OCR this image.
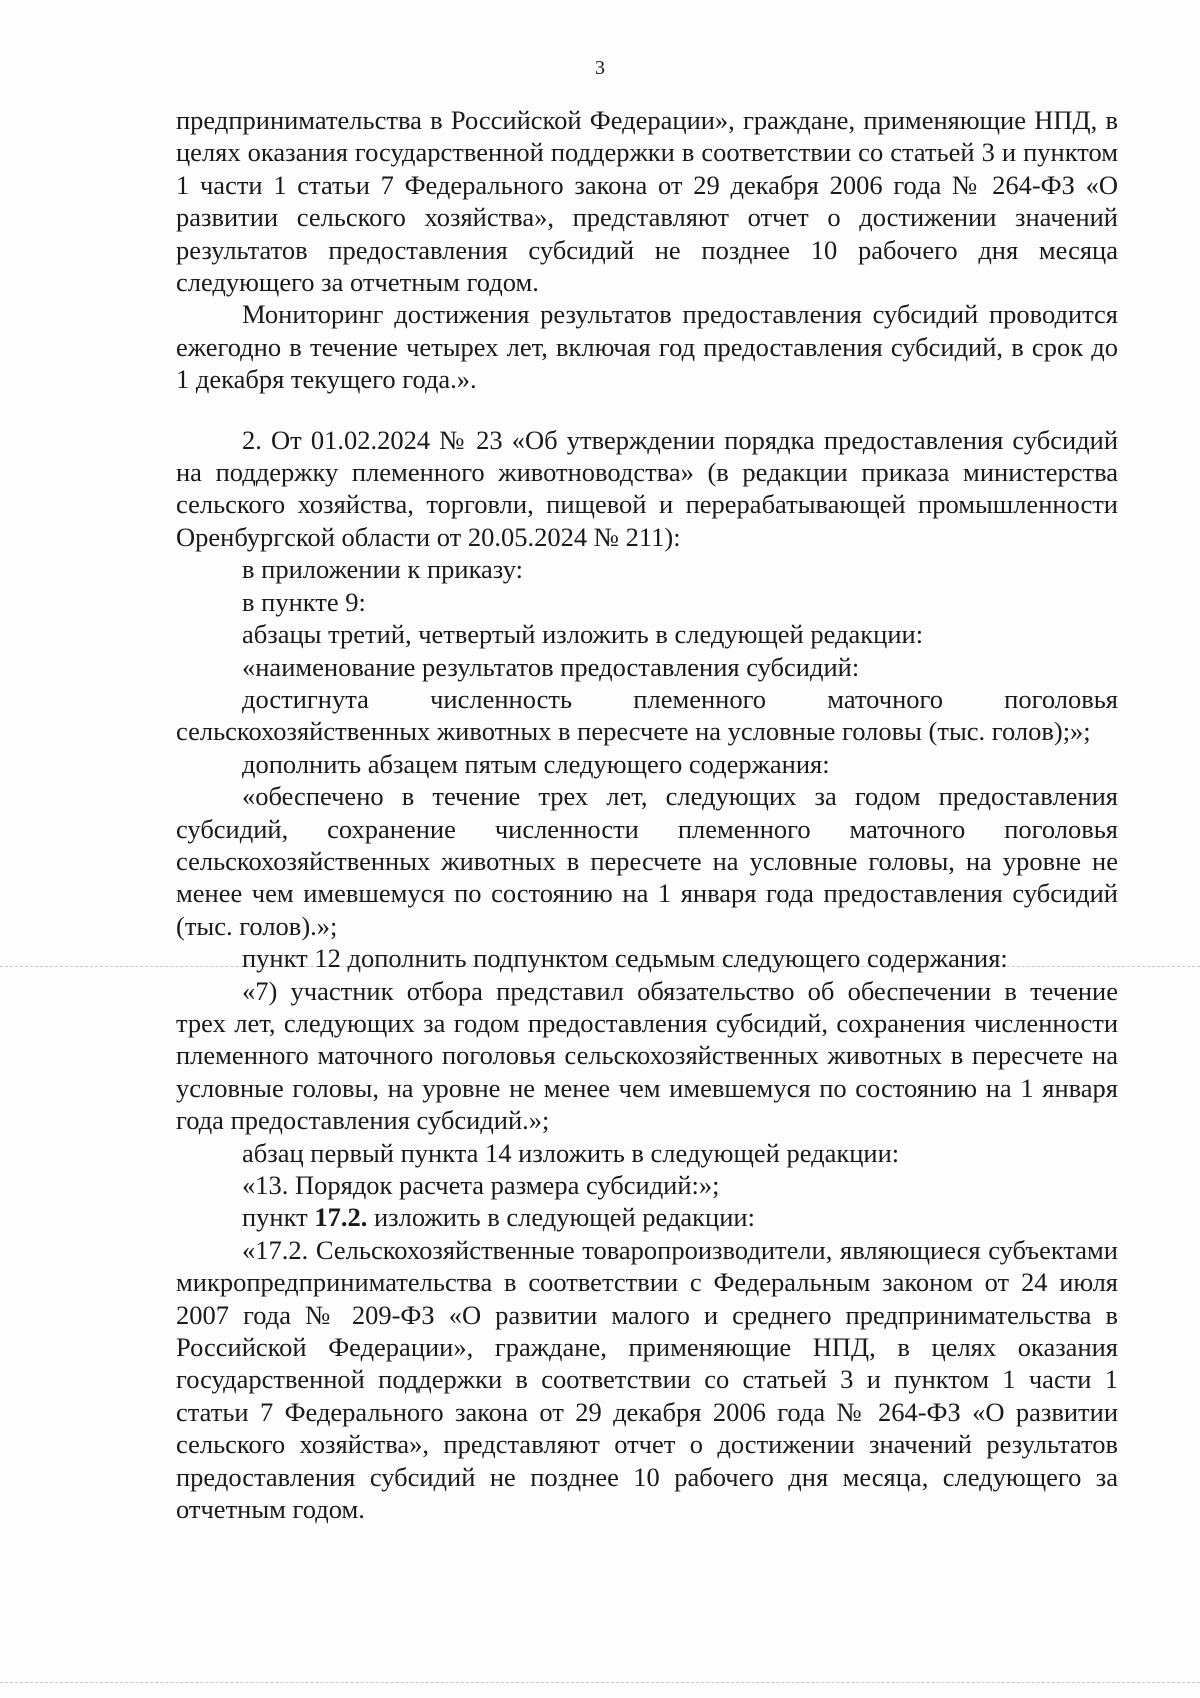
3

предпринимательства в Российской Федерации», граждане, применяющие НПД, в целях оказания государственной поддержки в соответствии со статьей 3 и пунктом 1 части 1 статьи 7 Федерального закона от 29 декабря 2006 года № 264-ФЗ «О развитии сельского хозяйства», представляют отчет о достижении значений результатов предоставления субсидий не позднее 10 рабочего дня месяца следующего за отчетным годом.

Мониторинг достижения результатов предоставления субсидий проводится ежегодно в течение четырех лет, включая год предоставления субсидий, в срок до 1 декабря текущего года.».

2. От 01.02.2024 № 23 «Об утверждении порядка предоставления субсидий на поддержку племенного животноводства» (в редакции приказа министерства сельского хозяйства, торговли, пищевой и перерабатывающей промышленности Оренбургской области от 20.05.2024 № 211):

в приложении к приказу:

в пункте 9:

абзацы третий, четвертый изложить в следующей редакции:

«наименование результатов предоставления субсидий:

достигнута численность племенного маточного поголовья сельскохозяйственных животных в пересчете на условные головы (тыс. голов);»;

дополнить абзацем пятым следующего содержания:

«обеспечено в течение трех лет, следующих за годом предоставления субсидий, сохранение численности племенного маточного поголовья сельскохозяйственных животных в пересчете на условные головы, на уровне не менее чем имевшемуся по состоянию на 1 января года предоставления субсидий (тыс. голов).»;

пункт 12 дополнить подпунктом седьмым следующего содержания:

«7) участник отбора представил обязательство об обеспечении в течение трех лет, следующих за годом предоставления субсидий, сохранения численности племенного маточного поголовья сельскохозяйственных животных в пересчете на условные головы, на уровне не менее чем имевшемуся по состоянию на 1 января года предоставления субсидий.»;

абзац первый пункта 14 изложить в следующей редакции:

«13. Порядок расчета размера субсидий:»;

пункт 17.2. изложить в следующей редакции:

«17.2. Сельскохозяйственные товаропроизводители, являющиеся субъектами микропредпринимательства в соответствии с Федеральным законом от 24 июля 2007 года № 209-ФЗ «О развитии малого и среднего предпринимательства в Российской Федерации», граждане, применяющие НПД, в целях оказания государственной поддержки в соответствии со статьей 3 и пунктом 1 части 1 статьи 7 Федерального закона от 29 декабря 2006 года № 264-ФЗ «О развитии сельского хозяйства», представляют отчет о достижении значений результатов предоставления субсидий не позднее 10 рабочего дня месяца, следующего за отчетным годом.
